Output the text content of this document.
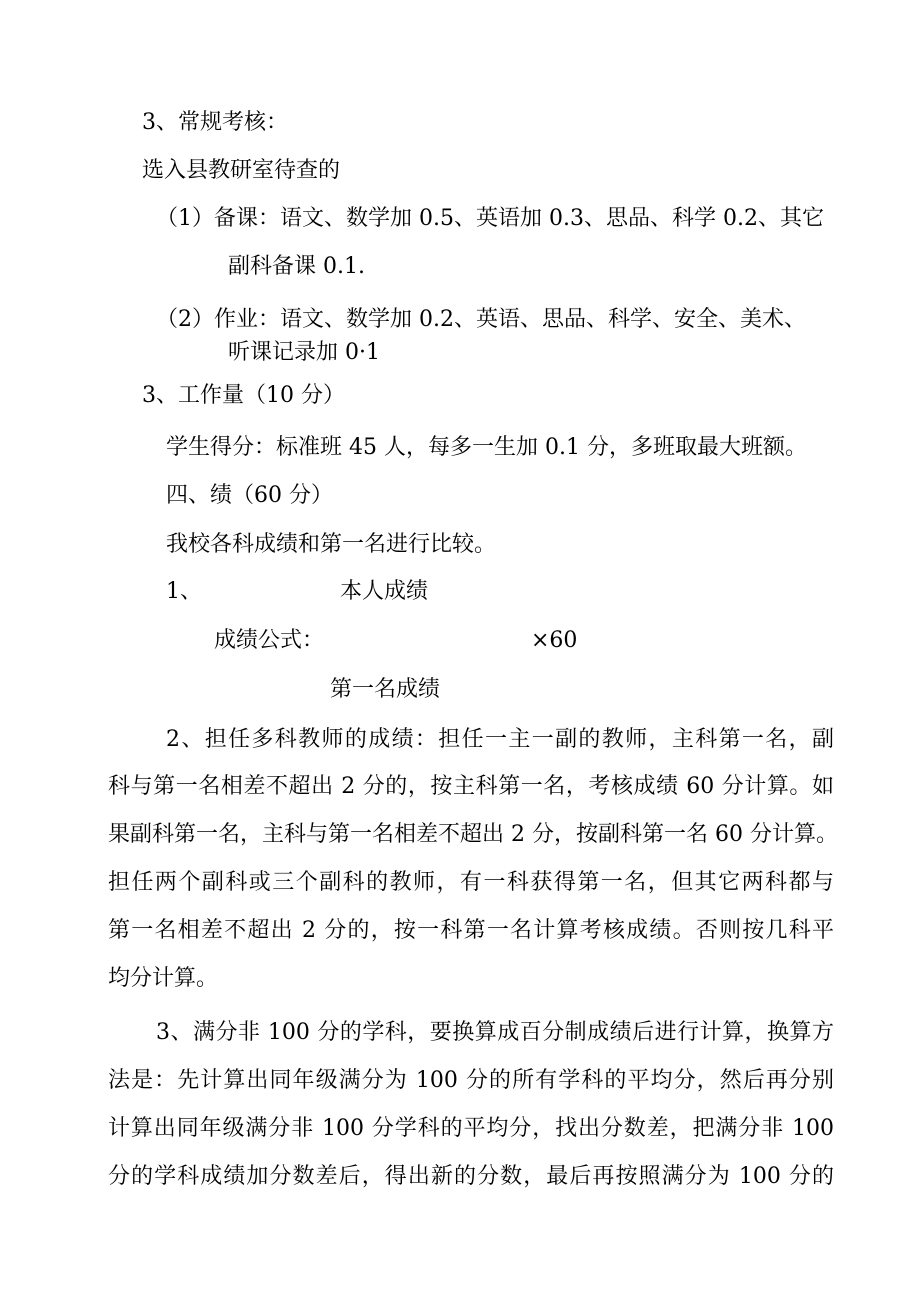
3、常规考核：
选入县教研室待查的
（1）备课：语文、数学加 0.5、英语加 0.3、思品、科学 0.2、其它
副科备课 0.1.
（2）作业：语文、数学加 0.2、英语、思品、科学、安全、美术、
听课记录加 0·1
3、工作量（10 分）
学生得分：标准班 45 人，每多一生加 0.1 分，多班取最大班额。
四、绩（60 分）
我校各科成绩和第一名进行比较。
1、	本人成绩
成绩公式：	×60
第一名成绩
2、担任多科教师的成绩：担任一主一副的教师，主科第一名，副
科与第一名相差不超出 2 分的，按主科第一名，考核成绩 60 分计算。如
果副科第一名，主科与第一名相差不超出 2 分，按副科第一名 60 分计算。
担任两个副科或三个副科的教师，有一科获得第一名，但其它两科都与
第一名相差不超出 2 分的，按一科第一名计算考核成绩。否则按几科平
均分计算。
3、满分非 100 分的学科，要换算成百分制成绩后进行计算，换算方
法是：先计算出同年级满分为 100 分的所有学科的平均分，然后再分别
计算出同年级满分非 100 分学科的平均分，找出分数差，把满分非 100
分的学科成绩加分数差后，得出新的分数，最后再按照满分为 100 分的
